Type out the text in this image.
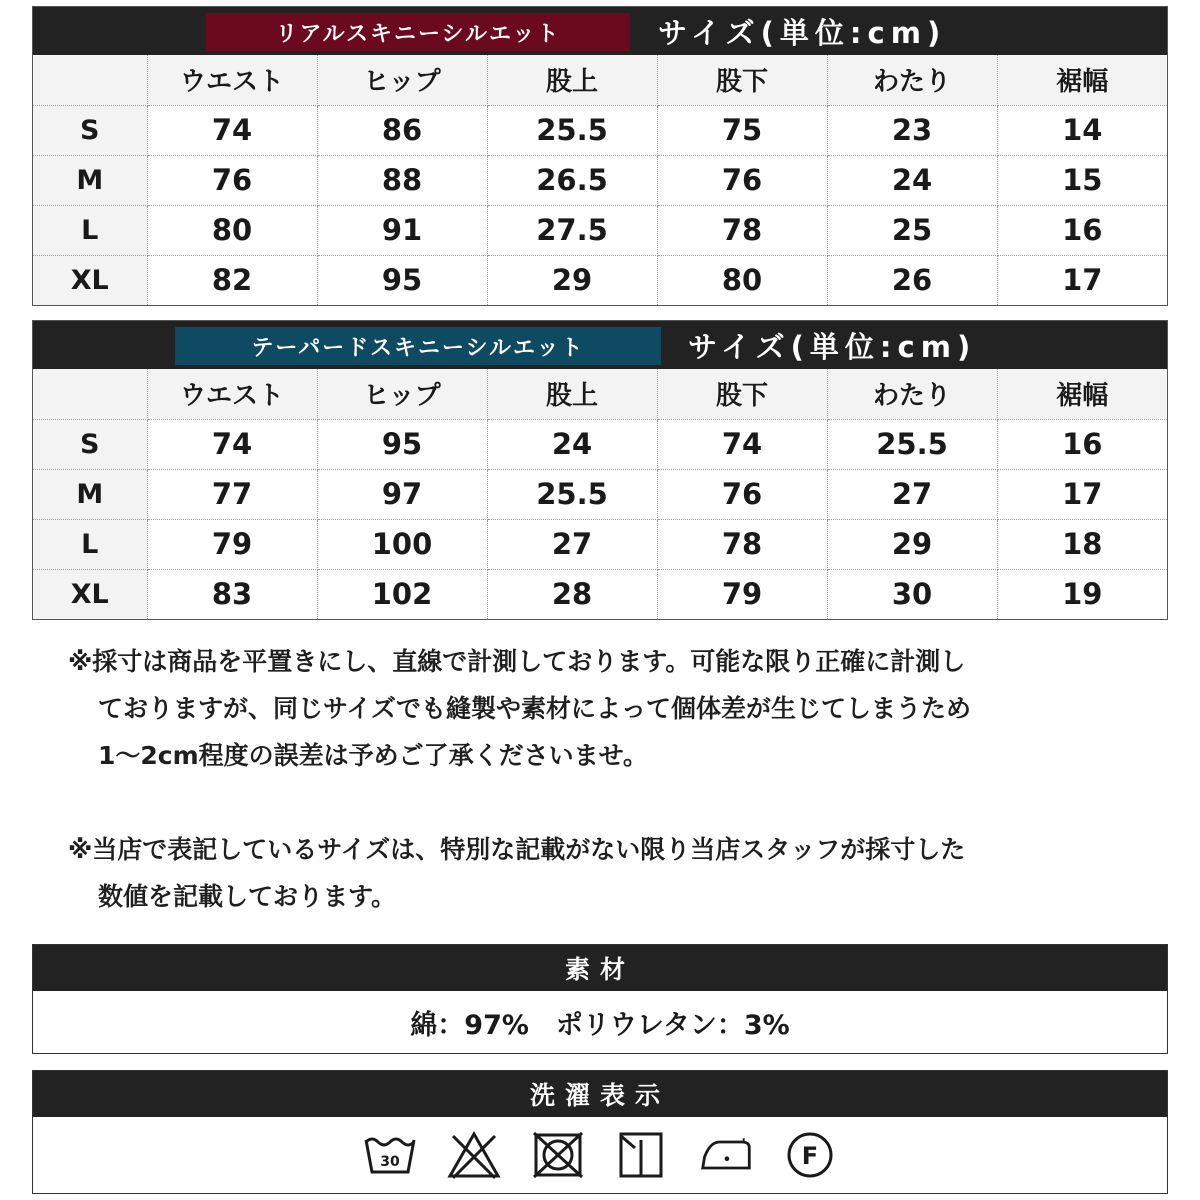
リアルスキニーシルエット	サイズ(単位:cm)
	ウエスト	ヒップ	股上	股下	わたり	裾幅
S	74	86	25.5	75	23	14
M	76	88	26.5	76	24	15
L	80	91	27.5	78	25	16
XL	82	95	29	80	26	17
テーパードスキニーシルエット	サイズ(単位:cm)
	ウエスト	ヒップ	股上	股下	わたり	裾幅
S	74	95	24	74	25.5	16
M	77	97	25.5	76	27	17
L	79	100	27	78	29	18
XL	83	102	28	79	30	19
※採寸は商品を平置きにし、直線で計測しております。可能な限り正確に計測し
ておりますが、同じサイズでも縫製や素材によって個体差が生じてしまうため
1〜2cm程度の誤差は予めご了承くださいませ。
※当店で表記しているサイズは、特別な記載がない限り当店スタッフが採寸した
数値を記載しております。
素材
綿：97%　ポリウレタン：3%
洗濯表示
30	F
